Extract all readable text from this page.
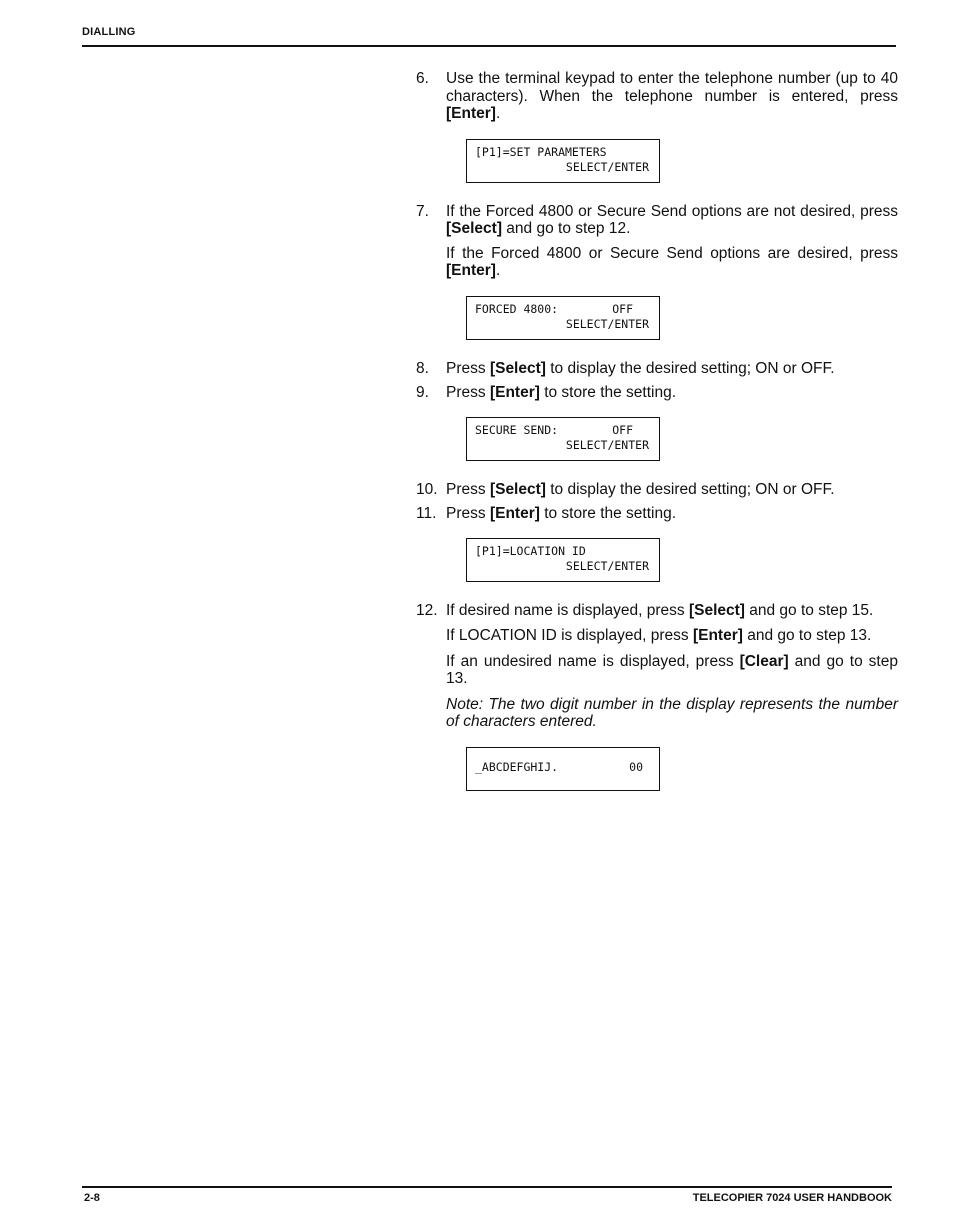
DIALLING
6.	Use the terminal keypad to enter the telephone number (up to 40 characters). When the telephone number is entered, press [Enter].

[P1]=SET PARAMETERS
SELECT/ENTER
7.	If the Forced 4800 or Secure Send options are not desired, press [Select] and go to step 12.

If the Forced 4800 or Secure Send options are desired, press [Enter].

FORCED 4800:	OFF
SELECT/ENTER
8.	Press [Select] to display the desired setting; ON or OFF.

9.	Press [Enter] to store the setting.

SECURE SEND:	OFF
SELECT/ENTER
10. Press [Select] to display the desired setting; ON or OFF.

11. Press [Enter] to store the setting.

[P1]=LOCATION ID
SELECT/ENTER
12. If desired name is displayed, press [Select] and go to step 15.

If LOCATION ID is displayed, press [Enter] and go to step 13.

If an undesired name is displayed, press [Clear] and go to step 13.

Note: The two digit number in the display represents the number of characters entered.

_ABCDEFGHIJ.	00
2-8	TELECOPIER 7024 USER HANDBOOK
